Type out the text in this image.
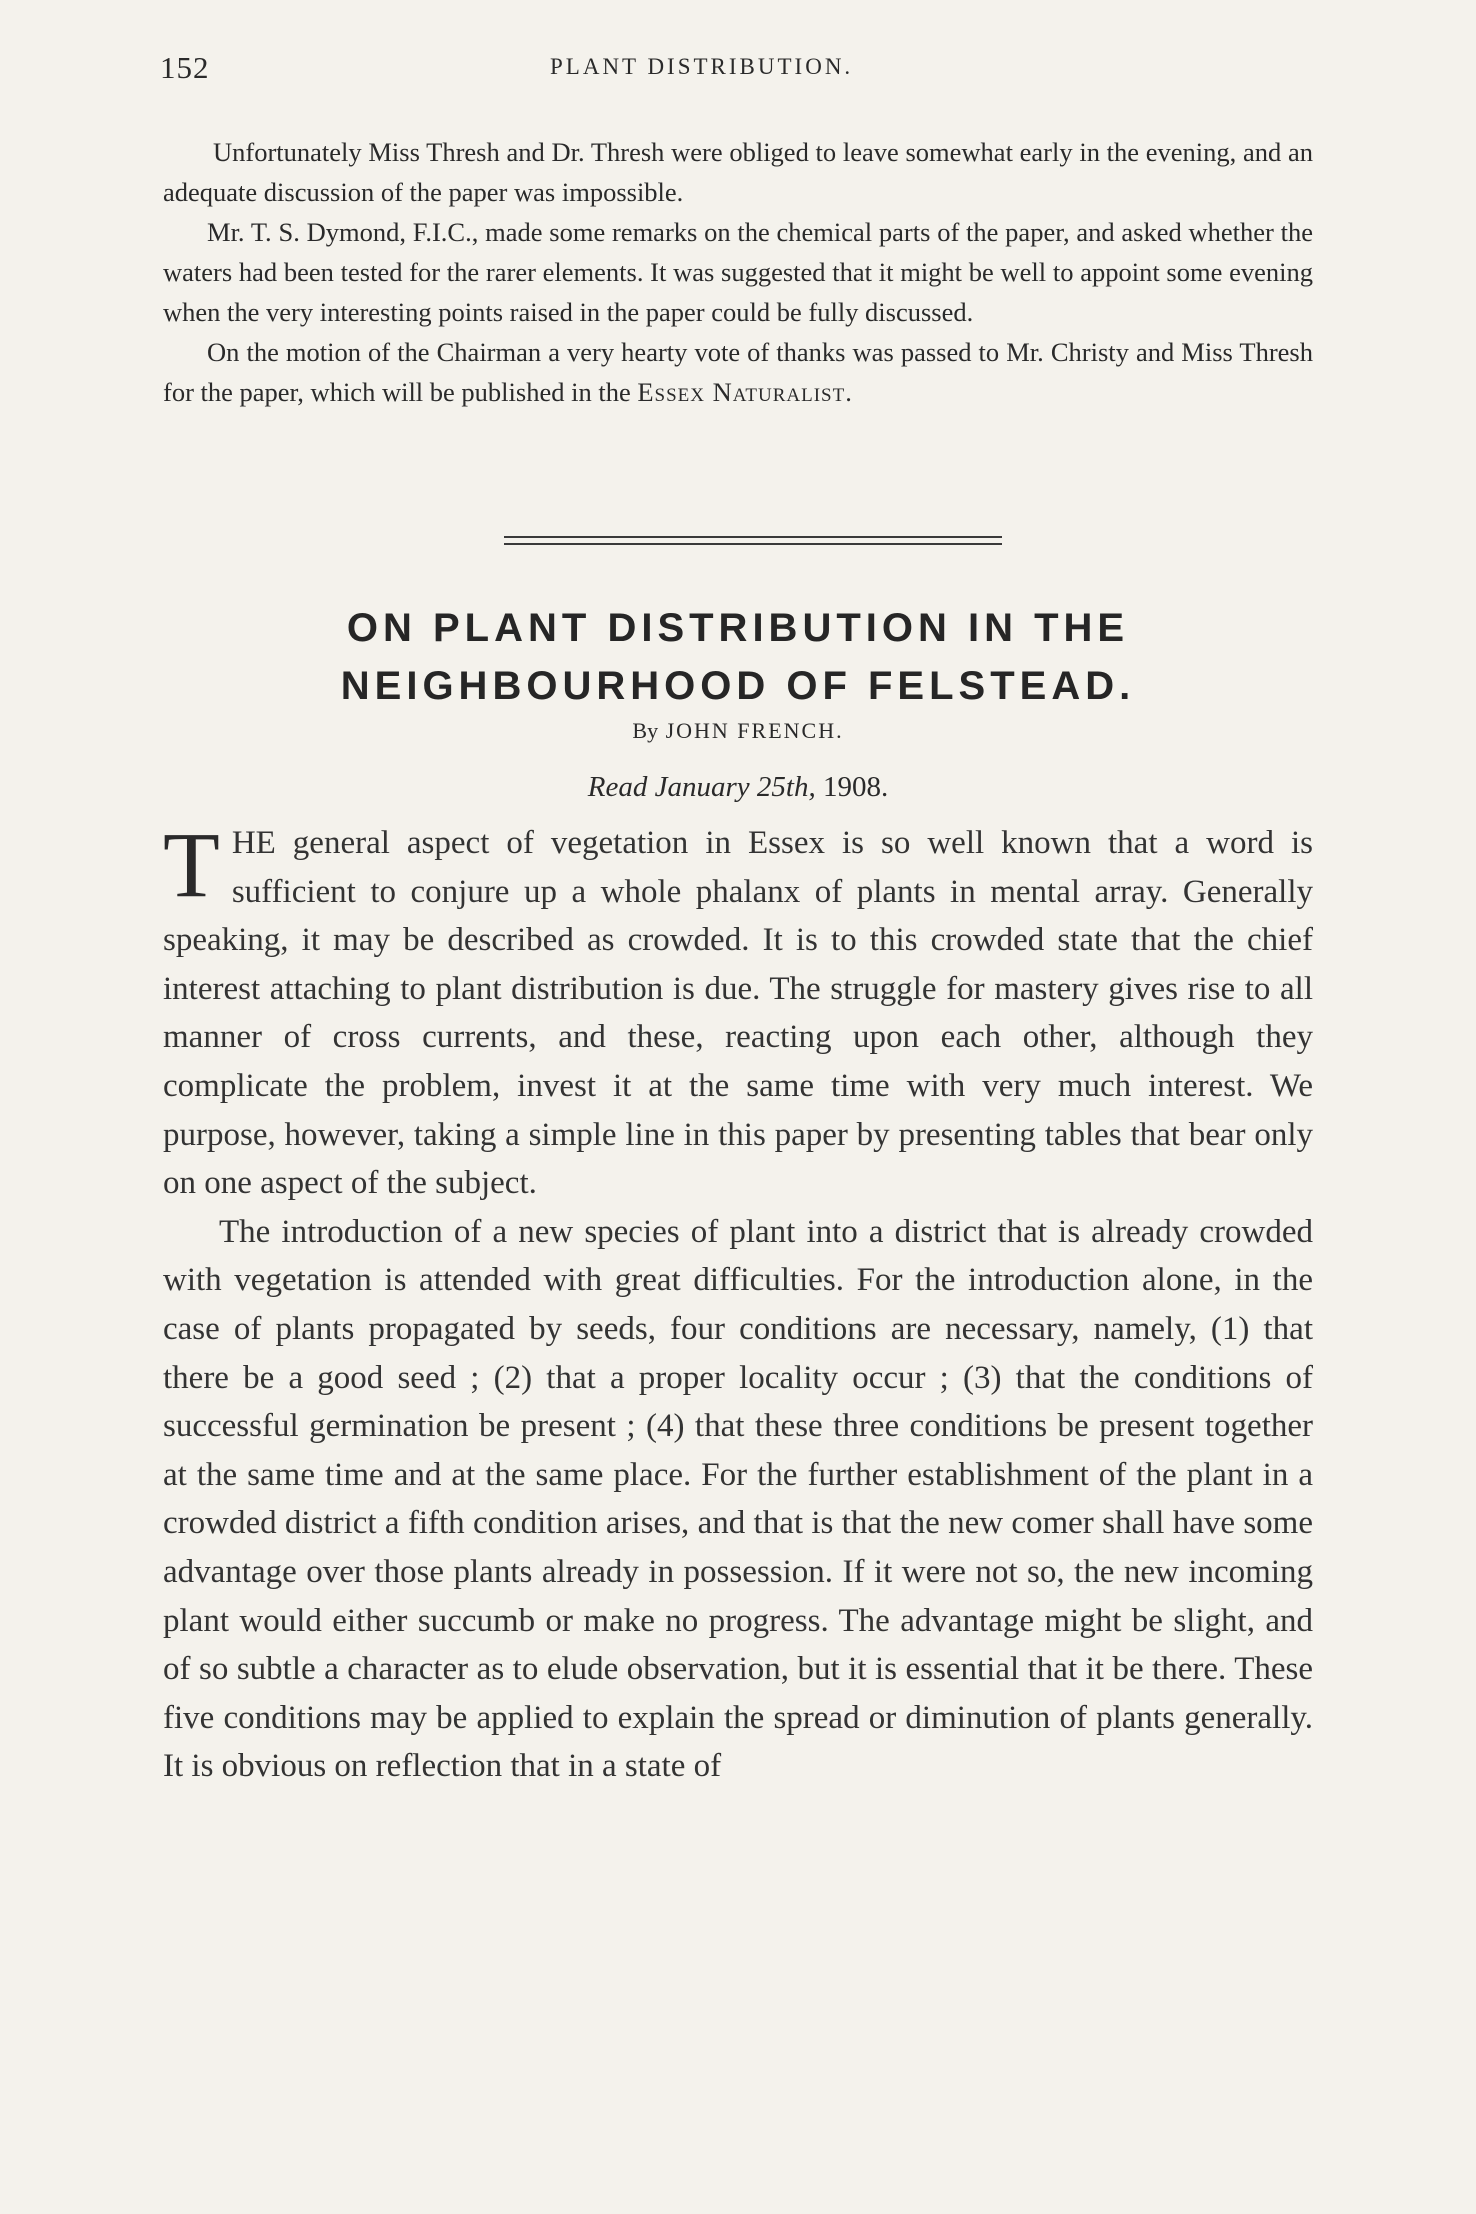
152	PLANT DISTRIBUTION.

Unfortunately Miss Thresh and Dr. Thresh were obliged to leave somewhat early in the evening, and an adequate discussion of the paper was impossible.

Mr. T. S. Dymond, F.I.C., made some remarks on the chemical parts of the paper, and asked whether the waters had been tested for the rarer elements. It was suggested that it might be well to appoint some evening when the very interesting points raised in the paper could be fully discussed.

On the motion of the Chairman a very hearty vote of thanks was passed to Mr. Christy and Miss Thresh for the paper, which will be published in the Essex Naturalist.

ON PLANT DISTRIBUTION IN THE
NEIGHBOURHOOD OF FELSTEAD.
By JOHN FRENCH.
Read January 25th, 1908.

THE general aspect of vegetation in Essex is so well known that a word is sufficient to conjure up a whole phalanx of plants in mental array. Generally speaking, it may be described as crowded. It is to this crowded state that the chief interest attaching to plant distribution is due. The struggle for mastery gives rise to all manner of cross currents, and these, reacting upon each other, although they complicate the problem, invest it at the same time with very much interest. We purpose, however, taking a simple line in this paper by presenting tables that bear only on one aspect of the subject.

The introduction of a new species of plant into a district that is already crowded with vegetation is attended with great difficulties. For the introduction alone, in the case of plants propagated by seeds, four conditions are necessary, namely, (1) that there be a good seed ; (2) that a proper locality occur ; (3) that the conditions of successful germination be present ; (4) that these three conditions be present together at the same time and at the same place. For the further establishment of the plant in a crowded district a fifth condition arises, and that is that the new comer shall have some advantage over those plants already in possession. If it were not so, the new incoming plant would either succumb or make no progress. The advantage might be slight, and of so subtle a character as to elude observation, but it is essential that it be there. These five conditions may be applied to explain the spread or diminution of plants generally. It is obvious on reflection that in a state of
